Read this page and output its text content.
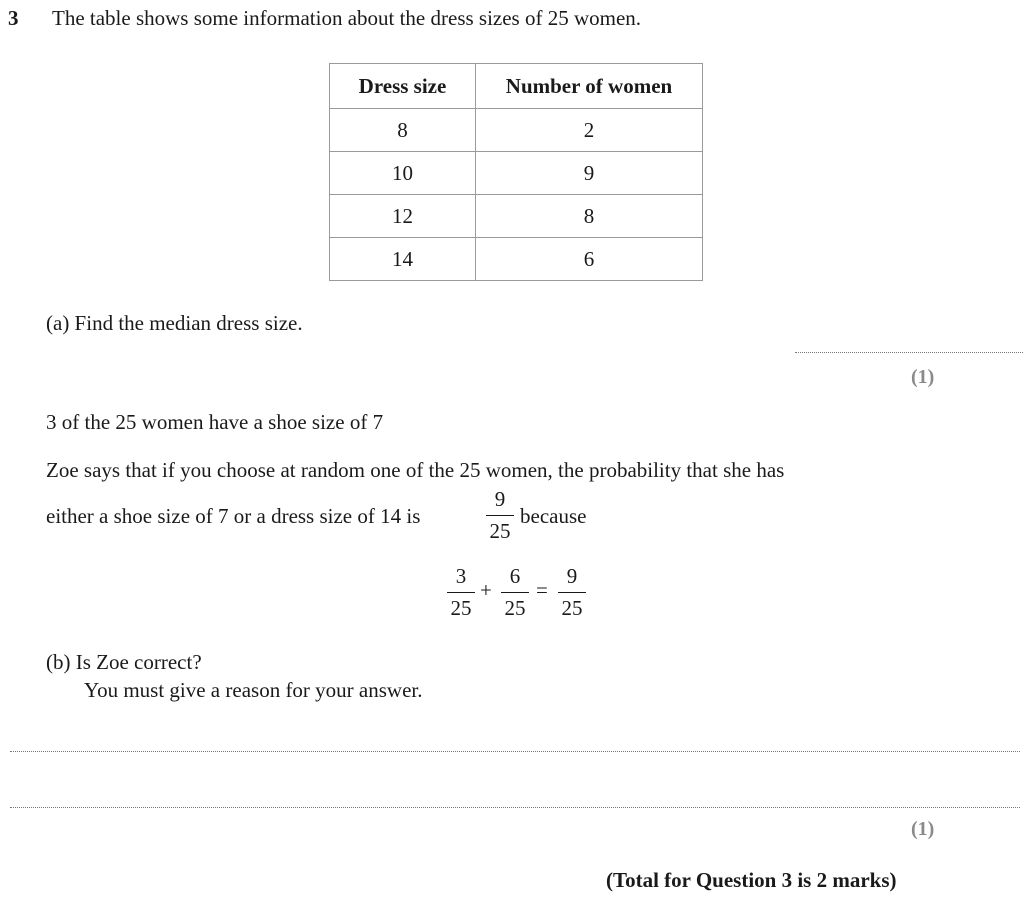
3 The table shows some information about the dress sizes of 25 women.
Dress size	Number of women
8	2
10	9
12	8
14	6
(a) Find the median dress size.
(1)
3 of the 25 women have a shoe size of 7
Zoe says that if you choose at random one of the 25 women, the probability that she has
either a shoe size of 7 or a dress size of 14 is
9
25
because
3
25
+
6
25
=
9
25
(b) Is Zoe correct?
You must give a reason for your answer.
(1)
(Total for Question 3 is 2 marks)
